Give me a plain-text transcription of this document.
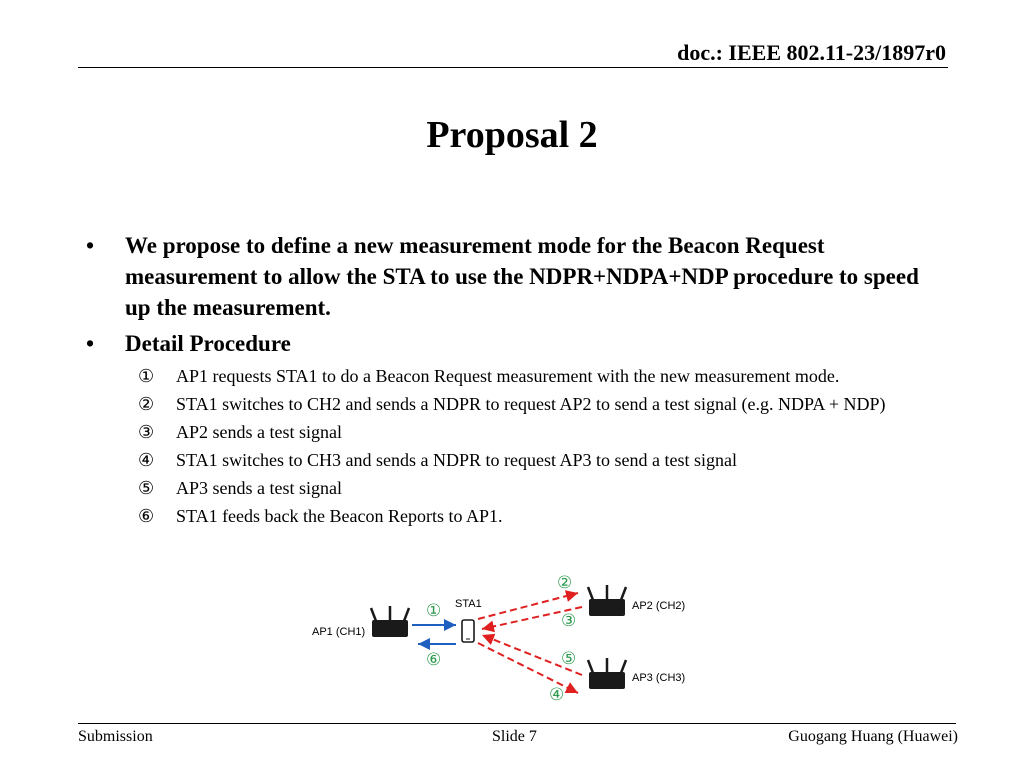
doc.: IEEE 802.11-23/1897r0
Proposal 2
• We propose to define a new measurement mode for the Beacon Request measurement to allow the STA to use the NDPR+NDPA+NDP procedure to speed up the measurement.
• Detail Procedure
① AP1 requests STA1 to do a Beacon Request measurement with the new measurement mode.
② STA1 switches to CH2 and sends a NDPR to request AP2 to send a test signal (e.g. NDPA + NDP)
③ AP2 sends a test signal
④ STA1 switches to CH3 and sends a NDPR to request AP3 to send a test signal
⑤ AP3 sends a test signal
⑥ STA1 feeds back the Beacon Reports to AP1.
STA1
AP1 (CH1)
AP2 (CH2)
AP3 (CH3)
①
②
③
④
⑤
⑥
Submission	Slide 7	Guogang Huang (Huawei)
